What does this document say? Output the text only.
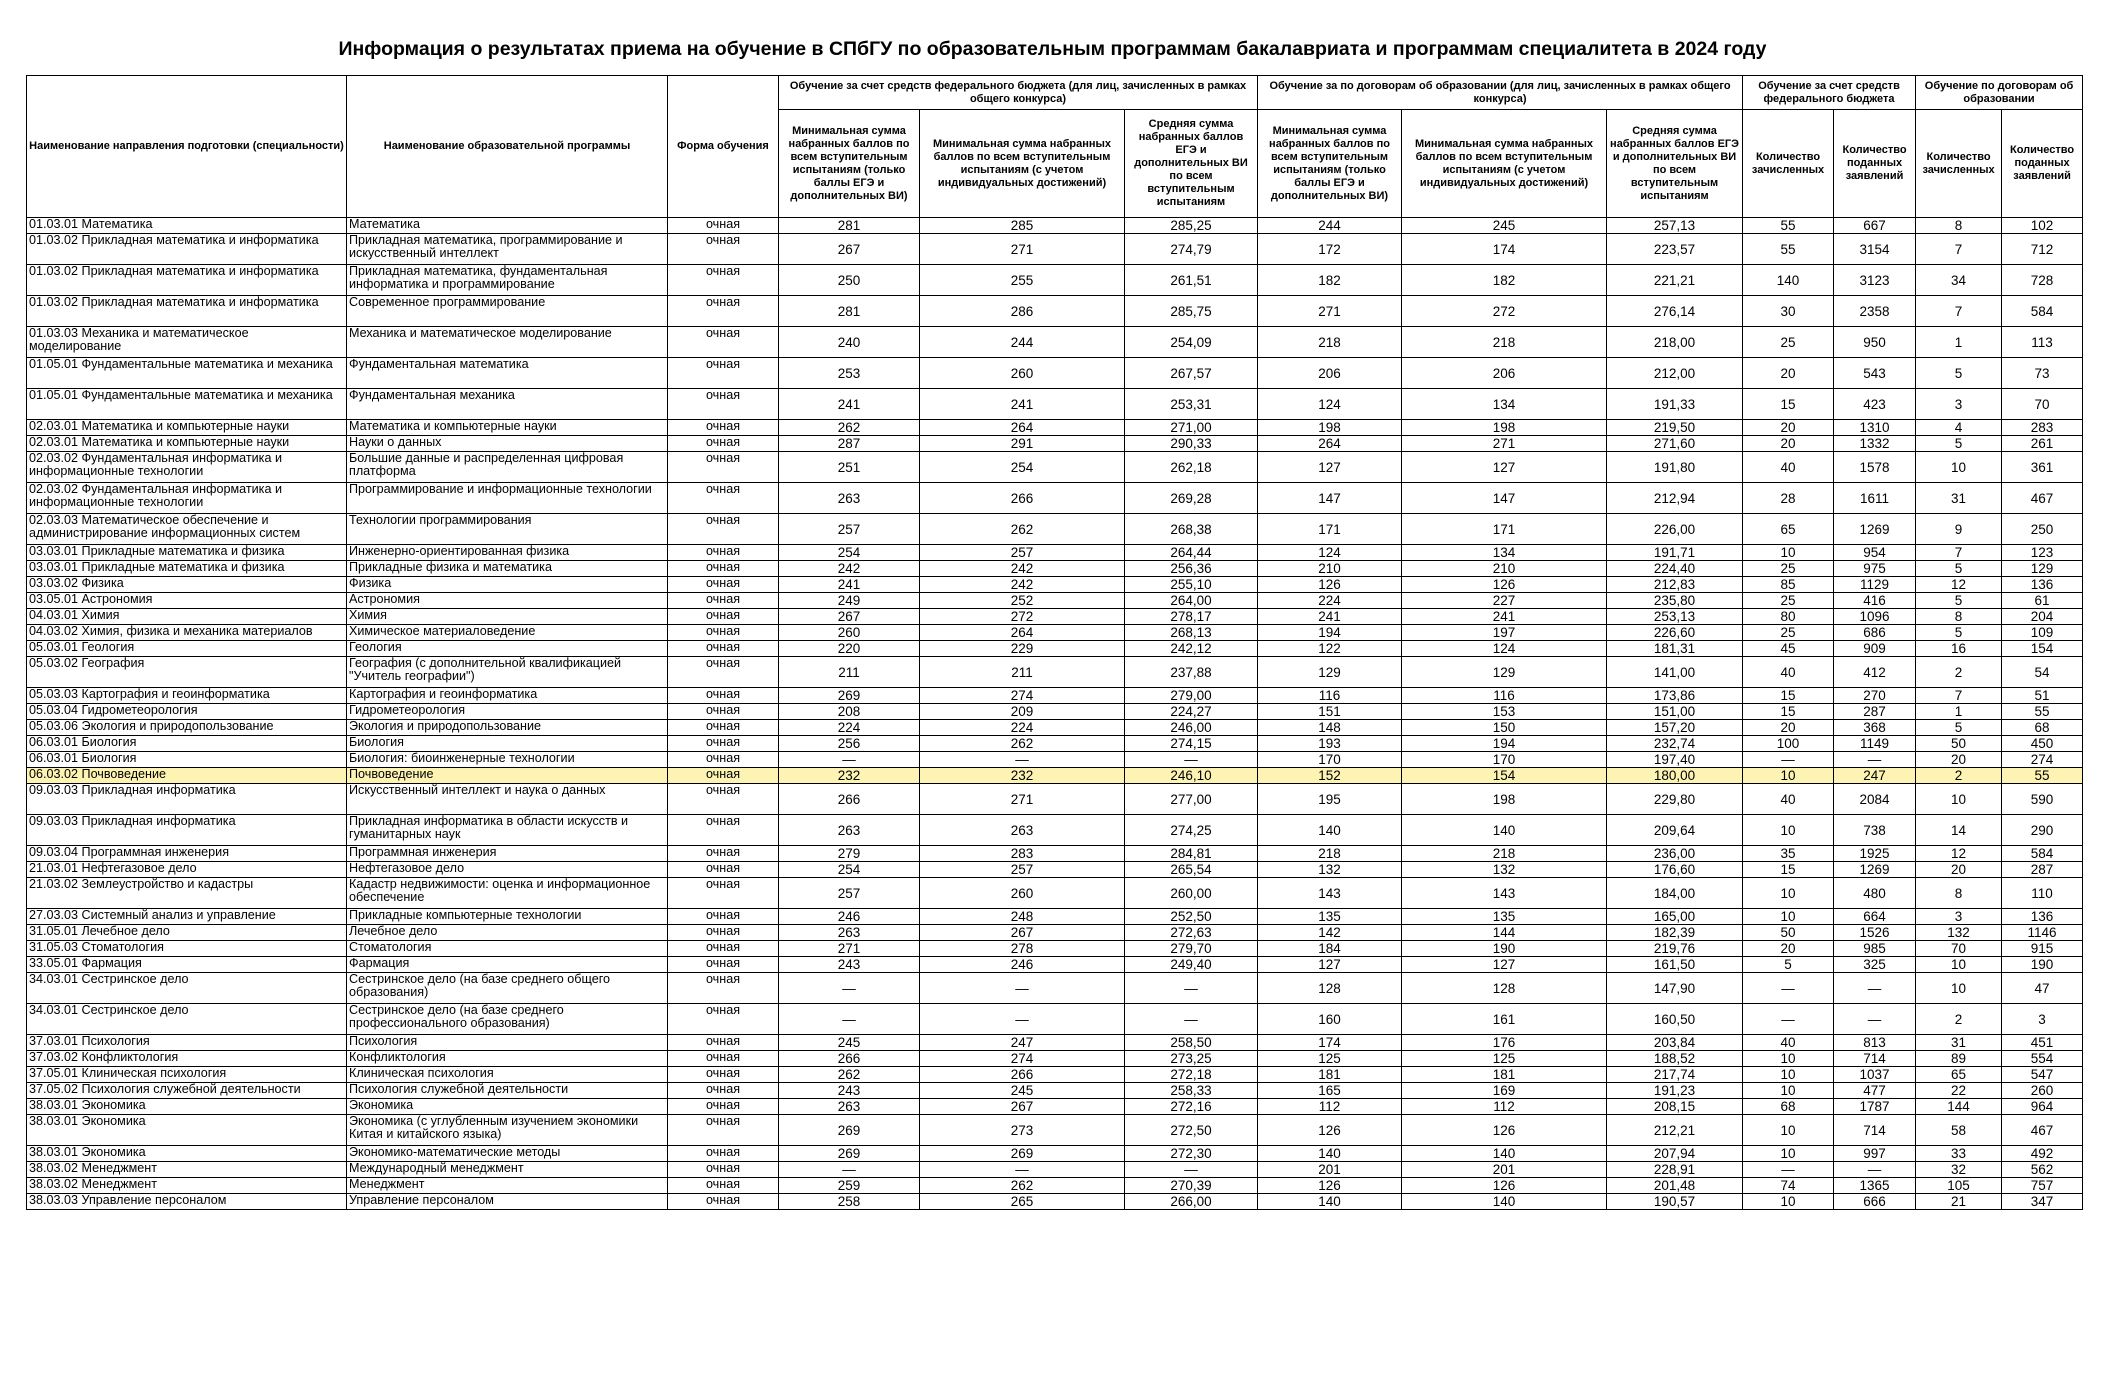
Информация о результатах приема на обучение в СПбГУ по образовательным программам бакалавриата и программам специалитета в 2024 году
Наименование направления подготовки (специальности)	Наименование образовательной программы	Форма обучения	Обучение за счет средств федерального бюджета (для лиц, зачисленных в рамках общего конкурса)			Обучение за по договорам об образовании (для лиц, зачисленных в рамках общего конкурса)			Обучение за счет средств федерального бюджета		Обучение по договорам об образовании	
			Минимальная сумма набранных баллов по всем вступительным испытаниям (только баллы ЕГЭ и дополнительных ВИ)	Минимальная сумма набранных баллов по всем вступительным испытаниям (с учетом индивидуальных достижений)	Средняя сумма набранных баллов ЕГЭ и дополнительных ВИ по всем вступительным испытаниям	Минимальная сумма набранных баллов по всем вступительным испытаниям (только баллы ЕГЭ и дополнительных ВИ)	Минимальная сумма набранных баллов по всем вступительным испытаниям (с учетом индивидуальных достижений)	Средняя сумма набранных баллов ЕГЭ и дополнительных ВИ по всем вступительным испытаниям	Количество зачисленных	Количество поданных заявлений	Количество зачисленных	Количество поданных заявлений
01.03.01 Математика	Математика	очная	281	285	285,25	244	245	257,13	55	667	8	102
01.03.02 Прикладная математика и информатика	Прикладная математика, программирование и искусственный интеллект	очная	267	271	274,79	172	174	223,57	55	3154	7	712
01.03.02 Прикладная математика и информатика	Прикладная математика, фундаментальная информатика и программирование	очная	250	255	261,51	182	182	221,21	140	3123	34	728
01.03.02 Прикладная математика и информатика	Современное программирование	очная	281	286	285,75	271	272	276,14	30	2358	7	584
01.03.03 Механика и математическое моделирование	Механика и математическое моделирование	очная	240	244	254,09	218	218	218,00	25	950	1	113
01.05.01 Фундаментальные математика и механика	Фундаментальная математика	очная	253	260	267,57	206	206	212,00	20	543	5	73
01.05.01 Фундаментальные математика и механика	Фундаментальная механика	очная	241	241	253,31	124	134	191,33	15	423	3	70
02.03.01 Математика и компьютерные науки	Математика и компьютерные науки	очная	262	264	271,00	198	198	219,50	20	1310	4	283
02.03.01 Математика и компьютерные науки	Науки о данных	очная	287	291	290,33	264	271	271,60	20	1332	5	261
02.03.02 Фундаментальная информатика и информационные технологии	Большие данные и распределенная цифровая платформа	очная	251	254	262,18	127	127	191,80	40	1578	10	361
02.03.02 Фундаментальная информатика и информационные технологии	Программирование и информационные технологии	очная	263	266	269,28	147	147	212,94	28	1611	31	467
02.03.03 Математическое обеспечение и администрирование информационных систем	Технологии программирования	очная	257	262	268,38	171	171	226,00	65	1269	9	250
03.03.01 Прикладные математика и физика	Инженерно-ориентированная физика	очная	254	257	264,44	124	134	191,71	10	954	7	123
03.03.01 Прикладные математика и физика	Прикладные физика и математика	очная	242	242	256,36	210	210	224,40	25	975	5	129
03.03.02 Физика	Физика	очная	241	242	255,10	126	126	212,83	85	1129	12	136
03.05.01 Астрономия	Астрономия	очная	249	252	264,00	224	227	235,80	25	416	5	61
04.03.01 Химия	Химия	очная	267	272	278,17	241	241	253,13	80	1096	8	204
04.03.02 Химия, физика и механика материалов	Химическое материаловедение	очная	260	264	268,13	194	197	226,60	25	686	5	109
05.03.01 Геология	Геология	очная	220	229	242,12	122	124	181,31	45	909	16	154
05.03.02 География	География (с дополнительной квалификацией "Учитель географии")	очная	211	211	237,88	129	129	141,00	40	412	2	54
05.03.03 Картография и геоинформатика	Картография и геоинформатика	очная	269	274	279,00	116	116	173,86	15	270	7	51
05.03.04 Гидрометеорология	Гидрометеорология	очная	208	209	224,27	151	153	151,00	15	287	1	55
05.03.06 Экология и природопользование	Экология и природопользование	очная	224	224	246,00	148	150	157,20	20	368	5	68
06.03.01 Биология	Биология	очная	256	262	274,15	193	194	232,74	100	1149	50	450
06.03.01 Биология	Биология: биоинженерные технологии	очная	—	—	—	170	170	197,40	—	—	20	274
06.03.02 Почвоведение	Почвоведение	очная	232	232	246,10	152	154	180,00	10	247	2	55
09.03.03 Прикладная информатика	Искусственный интеллект и наука о данных	очная	266	271	277,00	195	198	229,80	40	2084	10	590
09.03.03 Прикладная информатика	Прикладная информатика в области искусств и гуманитарных наук	очная	263	263	274,25	140	140	209,64	10	738	14	290
09.03.04 Программная инженерия	Программная инженерия	очная	279	283	284,81	218	218	236,00	35	1925	12	584
21.03.01 Нефтегазовое дело	Нефтегазовое дело	очная	254	257	265,54	132	132	176,60	15	1269	20	287
21.03.02 Землеустройство и кадастры	Кадастр недвижимости: оценка и информационное обеспечение	очная	257	260	260,00	143	143	184,00	10	480	8	110
27.03.03 Системный анализ и управление	Прикладные компьютерные технологии	очная	246	248	252,50	135	135	165,00	10	664	3	136
31.05.01 Лечебное дело	Лечебное дело	очная	263	267	272,63	142	144	182,39	50	1526	132	1146
31.05.03 Стоматология	Стоматология	очная	271	278	279,70	184	190	219,76	20	985	70	915
33.05.01 Фармация	Фармация	очная	243	246	249,40	127	127	161,50	5	325	10	190
34.03.01 Сестринское дело	Сестринское дело (на базе среднего общего образования)	очная	—	—	—	128	128	147,90	—	—	10	47
34.03.01 Сестринское дело	Сестринское дело (на базе среднего профессионального образования)	очная	—	—	—	160	161	160,50	—	—	2	3
37.03.01 Психология	Психология	очная	245	247	258,50	174	176	203,84	40	813	31	451
37.03.02 Конфликтология	Конфликтология	очная	266	274	273,25	125	125	188,52	10	714	89	554
37.05.01 Клиническая психология	Клиническая психология	очная	262	266	272,18	181	181	217,74	10	1037	65	547
37.05.02 Психология служебной деятельности	Психология служебной деятельности	очная	243	245	258,33	165	169	191,23	10	477	22	260
38.03.01 Экономика	Экономика	очная	263	267	272,16	112	112	208,15	68	1787	144	964
38.03.01 Экономика	Экономика (с углубленным изучением экономики Китая и китайского языка)	очная	269	273	272,50	126	126	212,21	10	714	58	467
38.03.01 Экономика	Экономико-математические методы	очная	269	269	272,30	140	140	207,94	10	997	33	492
38.03.02 Менеджмент	Международный менеджмент	очная	—	—	—	201	201	228,91	—	—	32	562
38.03.02 Менеджмент	Менеджмент	очная	259	262	270,39	126	126	201,48	74	1365	105	757
38.03.03 Управление персоналом	Управление персоналом	очная	258	265	266,00	140	140	190,57	10	666	21	347
